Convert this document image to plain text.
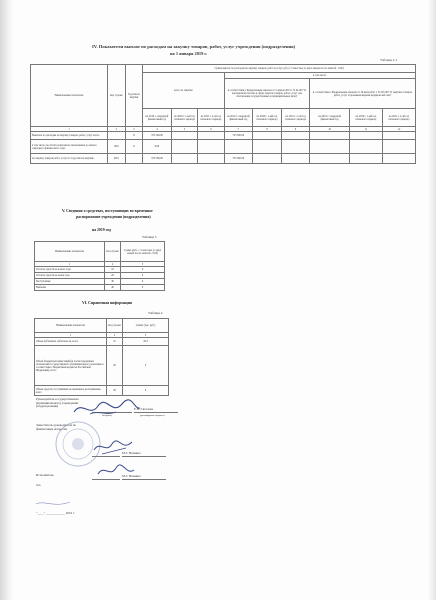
IV. Показатели выплат по расходам на закупку товаров, работ, услуг учреждения (подразделения)
на 1 января 2019 г.
Таблица 2.1
Наименование показателя	Код строки	Год начала закупки	Сумма выплат по расходам на закупку товаров, работ и услуг, руб. (с точностью до двух знаков после запятой - 0,00)								
			всего на закупки			в том числе:					
						в соответствии с Федеральным законом от 5 апреля 2013 г. N 44-ФЗ "О контрактной системе в сфере закупок товаров, работ, услуг для обеспечения государственных и муниципальных нужд"			в соответствии с Федеральным законом от 18 июля 2011 г. N 223-ФЗ "О закупках товаров, работ, услуг отдельными видами юридических лиц"		
			на 2019 г. очередной финансовый год	на 2020 г. 1-ый год планового периода	на 2021 г. 2-ой год планового периода	на 2019 г. очередной финансовый год	на 2020 г. 1-ый год планового периода	на 2021 г. 2-ой год планового периода	на 2019 г. очередной финансовый год	на 2020 г. 1-ый год планового периода	на 2021 г. 2-ой год планового периода
1	2	3	4	5	6	7	8	9	10	11	12
Выплаты по расходам на закупку товаров, работ, услуг всего:		X	703 560,00			703 560,00					
в том числе: на оплату контрактов заключенных до начала очередного финансового года:	1001	X	0,00								
на закупку товаров работ, услуг по году начала закупки:	2001		703 560,00			703 560,00					
V. Сведения о средствах, поступающих во временное
распоряжение учреждения (подразделения)
на 2019 год
Таблица 3
Наименование показателя	Код строки	Сумма (руб., с точностью до двух знаков после запятой - 0,00)
1	2	3
Остаток средств на начало года	10	0
Остаток средств на конец года	20	0
Поступление	30	0
Выбытие	40	0
VI. Справочная информация
Таблица 4
Наименование показателя	Код строки	Сумма (тыс. руб.)
1	2	3
Объем публичных обязательств, всего	10	43,3
Объем бюджетных инвестиций (в части переданных полномочий государственного (муниципального) заказчика в соответствии с Бюджетным кодексом Российской Федерации), всего	20	0
Объем средств, поступивших во временное распоряжение, всего	30	0
Руководитель государственного (муниципального) учреждения (подразделения)
Е.Н. Светлова
(подпись)	(расшифровка подписи)
Заместитель руководителя по финансовым вопросам
М.Г. Ночкина
Исполнитель	М.Г. Ночкина
тел.
"____" ____________ 2019 г.
